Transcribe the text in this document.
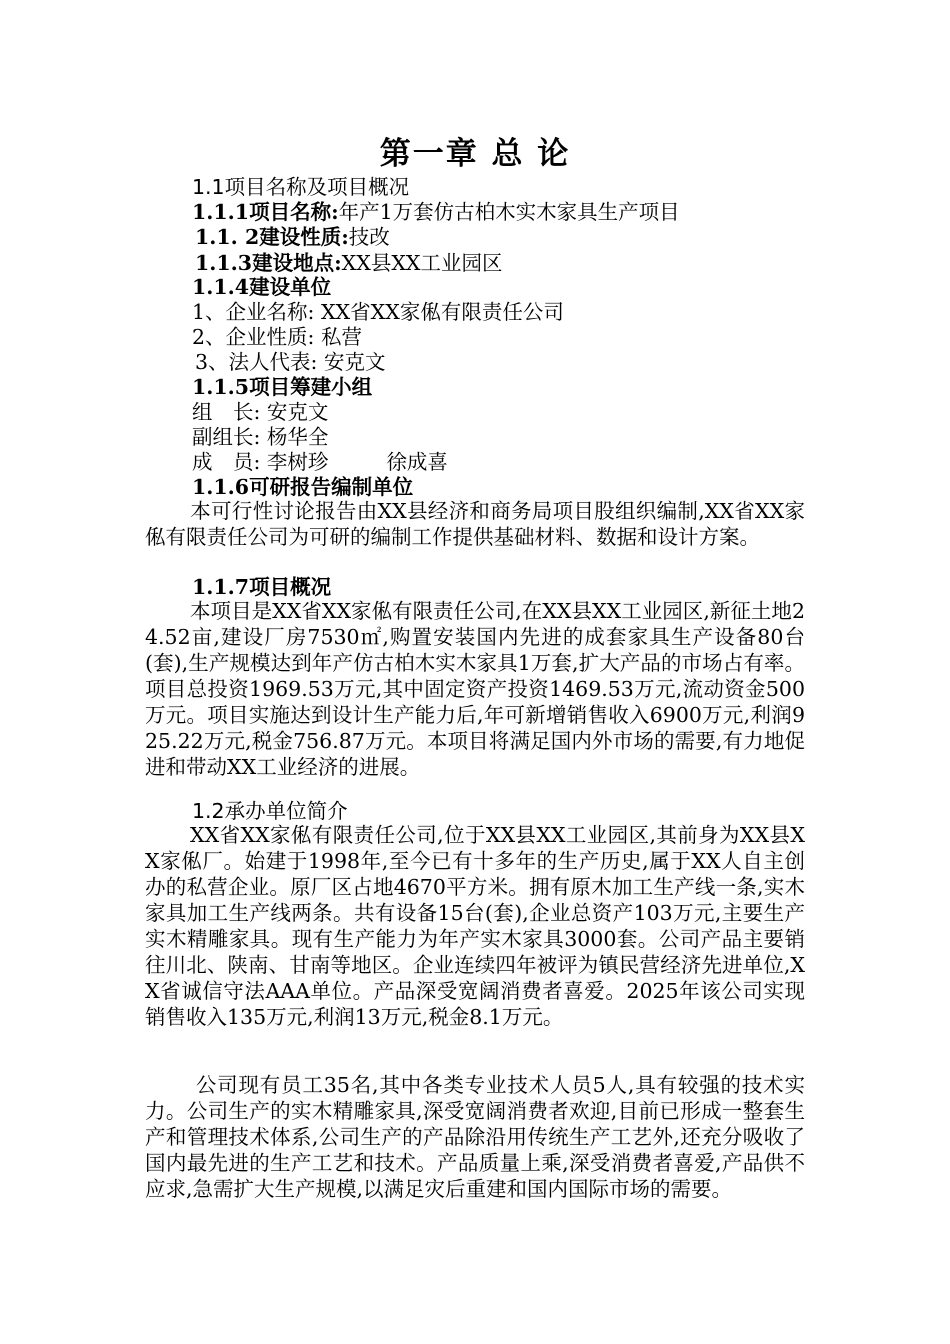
第一章 总 论
1.1项目名称及项目概况
1.1.1项目名称:年产1万套仿古柏木实木家具生产项目
1.1. 2建设性质:技改
1.1.3建设地点:XX县XX工业园区
1.1.4建设单位
1、企业名称: XX省XX家俬有限责任公司
2、企业性质: 私营
3、法人代表: 安克文
1.1.5项目筹建小组
组　长: 安克文
副组长: 杨华全
成　员: 李树珍	徐成喜
1.1.6可研报告编制单位
本可行性讨论报告由XX县经济和商务局项目股组织编制,XX省XX家俬有限责任公司为可研的编制工作提供基础材料、数据和设计方案。
1.1.7项目概况
本项目是XX省XX家俬有限责任公司,在XX县XX工业园区,新征土地24.52亩,建设厂房7530㎡,购置安装国内先进的成套家具生产设备80台(套),生产规模达到年产仿古柏木实木家具1万套,扩大产品的市场占有率。项目总投资1969.53万元,其中固定资产投资1469.53万元,流动资金500万元。项目实施达到设计生产能力后,年可新增销售收入6900万元,利润925.22万元,税金756.87万元。本项目将满足国内外市场的需要,有力地促进和带动XX工业经济的进展。
1.2承办单位简介
XX省XX家俬有限责任公司,位于XX县XX工业园区,其前身为XX县XX家俬厂。始建于1998年,至今已有十多年的生产历史,属于XX人自主创办的私营企业。原厂区占地4670平方米。拥有原木加工生产线一条,实木家具加工生产线两条。共有设备15台(套),企业总资产103万元,主要生产实木精雕家具。现有生产能力为年产实木家具3000套。公司产品主要销往川北、陕南、甘南等地区。企业连续四年被评为镇民营经济先进单位,XX省诚信守法AAA单位。产品深受宽阔消费者喜爱。2025年该公司实现销售收入135万元,利润13万元,税金8.1万元。
公司现有员工35名,其中各类专业技术人员5人,具有较强的技术实力。公司生产的实木精雕家具,深受宽阔消费者欢迎,目前已形成一整套生产和管理技术体系,公司生产的产品除沿用传统生产工艺外,还充分吸收了国内最先进的生产工艺和技术。产品质量上乘,深受消费者喜爱,产品供不应求,急需扩大生产规模,以满足灾后重建和国内国际市场的需要。
